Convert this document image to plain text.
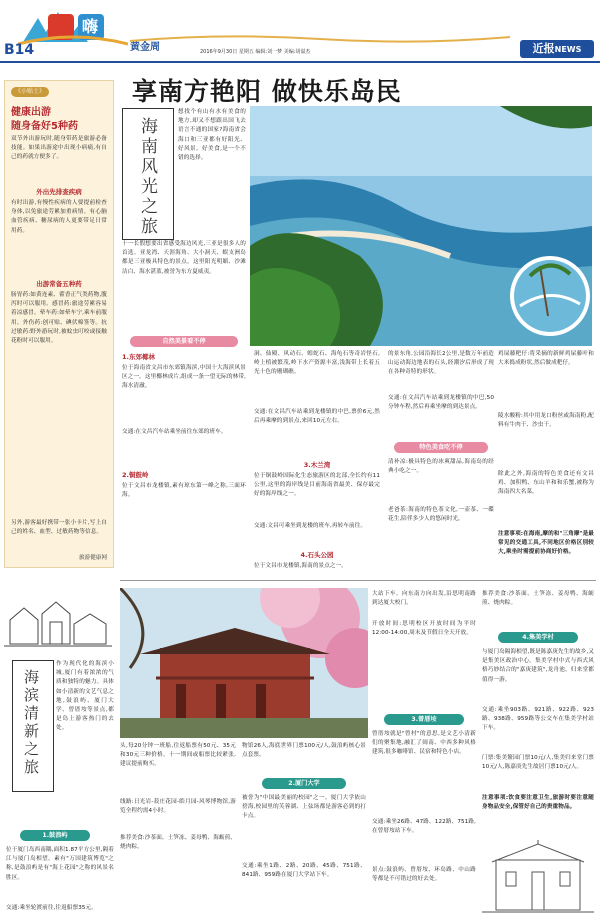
B14
嗨 翻
黄金周	2016年9月30日 星期五 编辑:刘一梦 美编:胡溢杰	近报NEWS
享南方艳阳 做快乐岛民
《小贴士》
健康出游
随身备好5种药
双节外出游玩时,随身带药是旅游必备技能。如果出游途中出现小病痛,有自己的药就方便多了。
外出先排查疾病
有时出游,有慢性疾病的人要提前检查身体,以免旅途劳累加重病情。有心脑血管疾病、糖尿病的人更要带足日常用药。
出游常备五种药
肠胃药:如黄连素、藿香正气类药物,腹泻时可以服用。感冒药:旅途劳累容易着凉感冒。晕车药:如晕车宁,乘车前服用。外伤药:创可贴、碘伏棉签等。抗过敏药:野外游玩时,被蚊虫叮咬或接触花粉时可以服用。
另外,游客最好携带一张小卡片,写上自己的姓名、血型、过敏药物等信息。
旅游健康网
海南风光之旅
想找个有山有水有美食的地方,却又不想跟出国飞去语言不通的国家?海南省会海口和三亚都有好阳光、好风景、好美食,是一个不错的选择。
十一长假想要出省感受海边风光,三亚是很多人的首选。亚龙湾、天涯海角、大小洞天、蜈支洲岛都是三亚极具特色的景点。这里阳光明媚、沙滩洁白、海水湛蓝,被誉为东方夏威夷。
自然美景看不停
1.东郊椰林
位于海南省文昌市东郊镇海滨,中国十大海滨风景区之一。这里椰林成片,组成一条一望无际的林带,海水清澈。
交通:在文昌汽车站乘坐前往东郊的班车。
2.铜鼓岭
位于文昌市龙楼镇,素有琼东第一峰之称,三面环海。
洞、仙殿、风动石、蝗蛇石、海龟石等奇岩怪石,岭上植被繁茂,岭下水产资源丰富,浅海带上长着五光十色的珊瑚礁。
交通:在文昌汽车站乘到龙楼镇的中巴,票价6元,然后再乘摩的到景点,来回10元左右。
3.木兰湾
位于铜鼓岭国际化生态旅游区的北部,全长约有11公里,这里的海岸线是目前海南省最美、保存最完好的海岸线之一。
交通:文昌可乘坐到龙楼的班车,再转车前往。
4.石头公园
位于文昌市龙楼镇,海南的景点之一。
的景东角,公园沿海长2公里,是数万年前造山运动海边地表的石头,经潮汐后形成了现在各种奇特的形状。
交通:在文昌汽车站乘到龙楼镇的中巴,50分钟车程,然后再乘坐摩的到达景点。
特色美食吃不停
清补凉:极具特色的冰爽甜品,海南岛的经典小吃之一。
老爸茶:海南的特色茶文化,一壶茶、一碟花生,陪伴多少人的悠闲时光。
鸡屎藤粑仔:将采摘的新鲜鸡屎藤叶和大米捣成粉状,然后做成粑仔。
陵水酸粉:其中用龙口粉丝或海南粉,配料有牛肉干、沙虫干。
除此之外,海南的特色美食还有文昌鸡、加积鸭、东山羊和和乐蟹,被称为海南四大名菜。
注意事项:在海南,摩的和"三角摩"是最常见的交通工具,不同地区价格区别较大,乘坐时需提前协商好价格。
海滨清新之旅
作为现代化的海滨小城,厦门有着浓浓的气质和独特的魅力。具体如小清新的文艺气息之地,鼓浪屿、厦门大学、曾厝垵等景点,都是岛上游客热门的去处。
1.鼓浪屿
位于厦门岛西南隅,面积1.87平方公里,隔着江与厦门岛相望。素有"万国建筑博览"之称,是鼓浪屿是有"海上花园"之称的风景名胜区。
交通:乘坐轮渡前往,往返船票35元。
头,每20分钟一班船,往返船票有50元、35元和30元三种价格。十一期间或船票比较紧张,建议提前购买。
线路:日光岩-菽庄花园-皓月园-风琴博物馆,游览全程约需4小时。
推荐美食:沙茶面、土笋冻、姜母鸭、海蛎煎、烧肉粽。
物馆26人,海底世界门票100元/人,鼓浪屿核心景点套票。
2.厦门大学
被誉为"中国最美丽的校园"之一。厦门大学依山傍海,校园里的芙蓉湖、上弦场都是游客必到的打卡点。
交通:乘坐1路、2路、20路、45路、751路、841路、959路在厦门大学站下车。
大站下车。向东南方向出发,沿思明南路到达厦大校门。
开放时间:思明校区开放时间为平时12:00-14:00,周末及节假日全天开放。
3.曾厝垵
曾厝垵就是"曾村"的意思,是文艺小清新们的聚集地,融汇了闽南、中西多种风格建筑,很多咖啡馆、民宿和特色小店。
交通:乘坐26路、47路、122路、751路,在曾厝垵站下车。
景点:鼓浪屿、曾厝垵、环岛路、中山路等都是不可错过的好去处。
推荐美食:沙茶面、土笋冻、姜母鸭、海蛎煎、烧肉粽。
4.集美学村
与厦门岛隔海相望,既是陈嘉庚先生的故乡,又是集美区政治中心。集美学村中式与西式风格巧妙结合的"嘉庚建筑",龙舟池、归来堂都值得一游。
交通:乘坐903路、921路、922路、923路、938路、959路等公交车在集美学村站下车。
门票:集美鳌园门票10元/人,集美归来堂门票10元/人,陈嘉庚先生故居门票10元/人。
注意事项:饮食要注意卫生,旅游时要注意随身物品安全,保管好自己的贵重物品。
